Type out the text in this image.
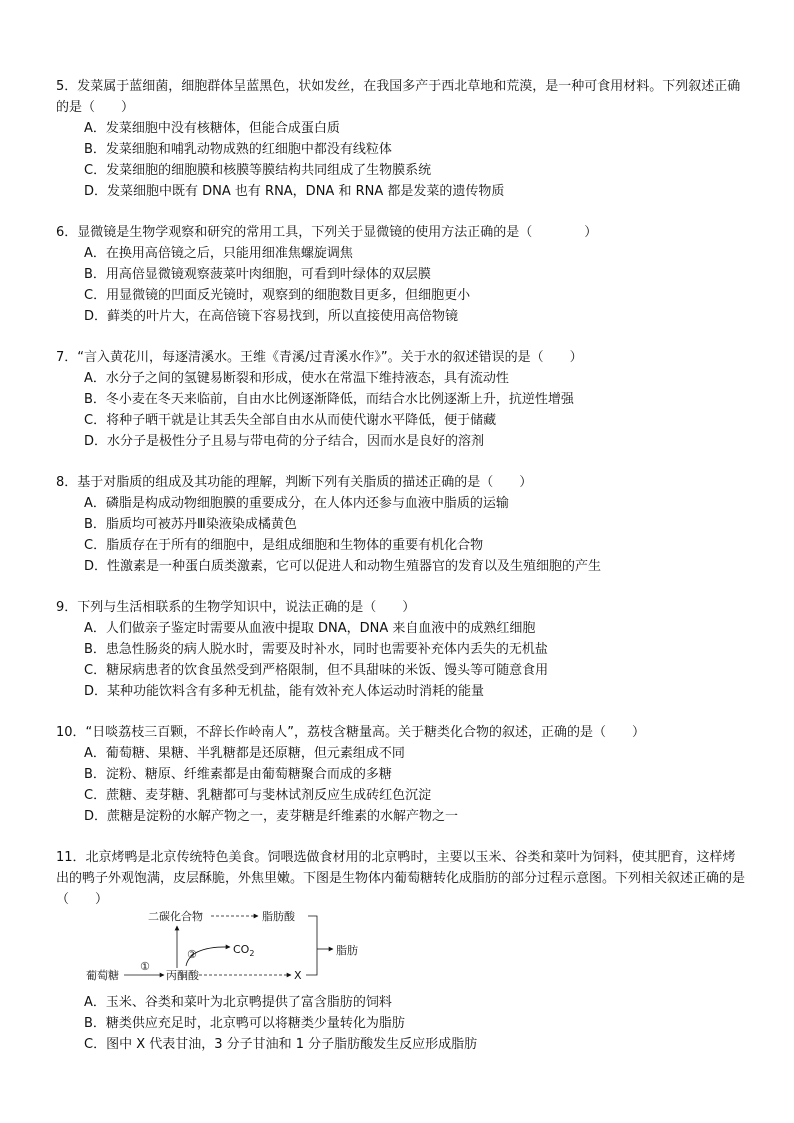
5．发菜属于蓝细菌，细胞群体呈蓝黑色，状如发丝，在我国多产于西北草地和荒漠，是一种可食用材料。下列叙述正确的是（　　）

A．发菜细胞中没有核糖体，但能合成蛋白质

B．发菜细胞和哺乳动物成熟的红细胞中都没有线粒体

C．发菜细胞的细胞膜和核膜等膜结构共同组成了生物膜系统

D．发菜细胞中既有 DNA 也有 RNA，DNA 和 RNA 都是发菜的遗传物质

6．显微镜是生物学观察和研究的常用工具，下列关于显微镜的使用方法正确的是（　　　　）

A．在换用高倍镜之后，只能用细准焦螺旋调焦

B．用高倍显微镜观察菠菜叶肉细胞，可看到叶绿体的双层膜

C．用显微镜的凹面反光镜时，观察到的细胞数目更多，但细胞更小

D．藓类的叶片大，在高倍镜下容易找到，所以直接使用高倍物镜

7．“言入黄花川，每逐清溪水。王维《青溪/过青溪水作》”。关于水的叙述错误的是（　　）

A．水分子之间的氢键易断裂和形成，使水在常温下维持液态，具有流动性

B．冬小麦在冬天来临前，自由水比例逐渐降低，而结合水比例逐渐上升，抗逆性增强

C．将种子晒干就是让其丢失全部自由水从而使代谢水平降低，便于储藏

D．水分子是极性分子且易与带电荷的分子结合，因而水是良好的溶剂

8．基于对脂质的组成及其功能的理解，判断下列有关脂质的描述正确的是（　　）

A．磷脂是构成动物细胞膜的重要成分，在人体内还参与血液中脂质的运输

B．脂质均可被苏丹Ⅲ染液染成橘黄色

C．脂质存在于所有的细胞中，是组成细胞和生物体的重要有机化合物

D．性激素是一种蛋白质类激素，它可以促进人和动物生殖器官的发育以及生殖细胞的产生

9．下列与生活相联系的生物学知识中，说法正确的是（　　）

A．人们做亲子鉴定时需要从血液中提取 DNA，DNA 来自血液中的成熟红细胞

B．患急性肠炎的病人脱水时，需要及时补水，同时也需要补充体内丢失的无机盐

C．糖尿病患者的饮食虽然受到严格限制，但不具甜味的米饭、馒头等可随意食用

D．某种功能饮料含有多种无机盐，能有效补充人体运动时消耗的能量

10．“日啖荔枝三百颗，不辞长作岭南人”，荔枝含糖量高。关于糖类化合物的叙述，正确的是（　　）

A．葡萄糖、果糖、半乳糖都是还原糖，但元素组成不同

B．淀粉、糖原、纤维素都是由葡萄糖聚合而成的多糖

C．蔗糖、麦芽糖、乳糖都可与斐林试剂反应生成砖红色沉淀

D．蔗糖是淀粉的水解产物之一，麦芽糖是纤维素的水解产物之一

11．北京烤鸭是北京传统特色美食。饲喂选做食材用的北京鸭时，主要以玉米、谷类和菜叶为饲料，使其肥育，这样烤出的鸭子外观饱满，皮层酥脆，外焦里嫩。下图是生物体内葡萄糖转化成脂肪的部分过程示意图。下列相关叙述正确的是（　　）

二碳化合物	脂肪酸
葡萄糖	丙酮酸
$CO_2$
X
脂肪
①
②

A．玉米、谷类和菜叶为北京鸭提供了富含脂肪的饲料

B．糖类供应充足时，北京鸭可以将糖类少量转化为脂肪

C．图中 X 代表甘油，3 分子甘油和 1 分子脂肪酸发生反应形成脂肪
